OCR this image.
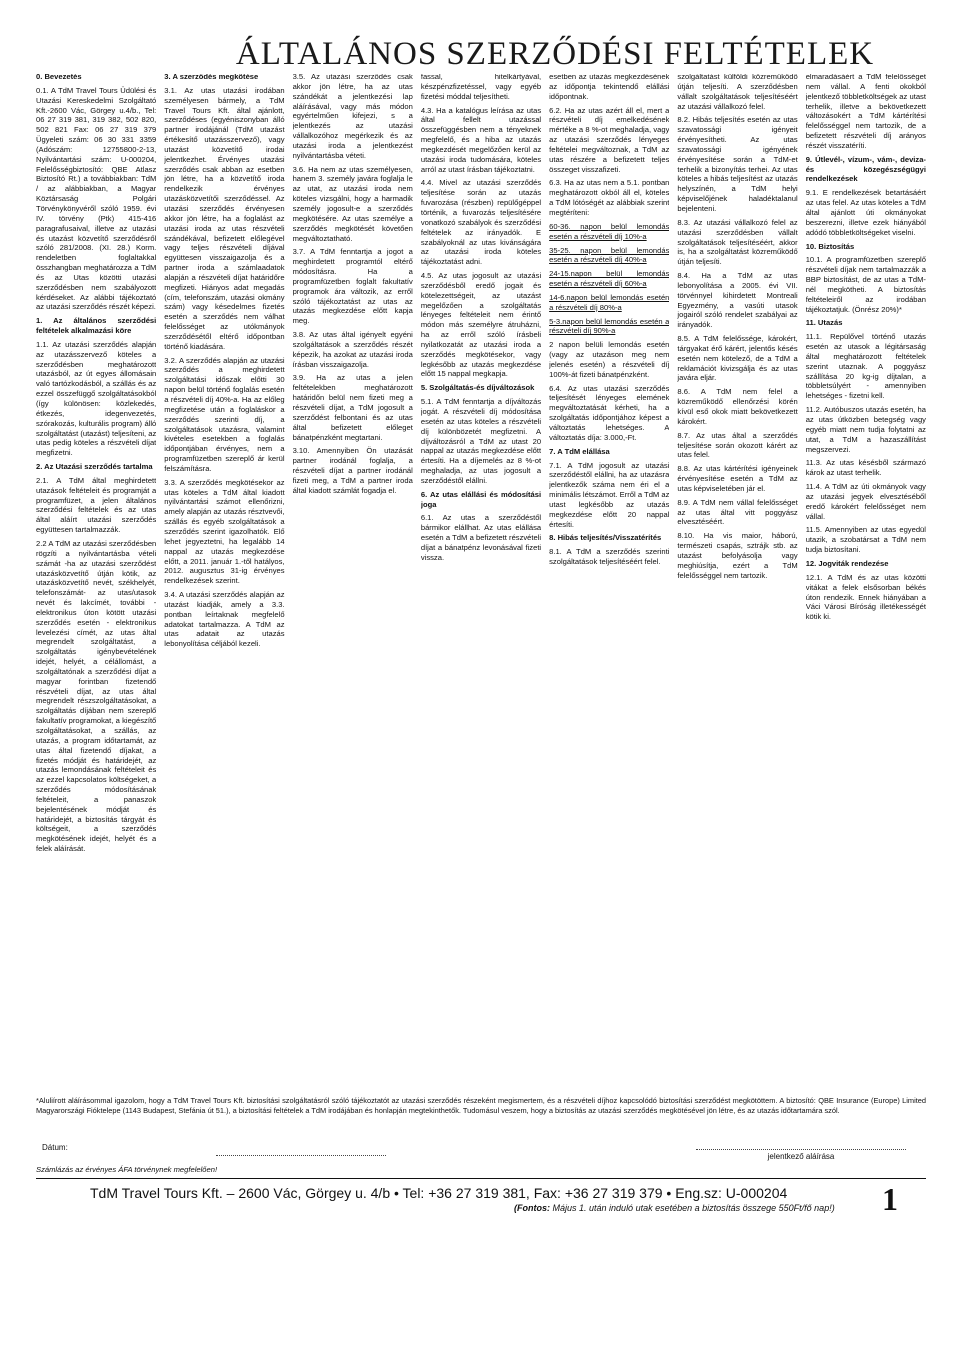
ÁLTALÁNOS SZERZŐDÉSI FELTÉTELEK

0. Bevezetés

0.1. A TdM Travel Tours Üdülési és Utazási Kereskedelmi Szolgáltató Kft.-2600 Vác, Görgey u.4/b., Tel: 06 27 319 381, 319 382, 502 820, 502 821 Fax: 06 27 319 379 Ügyeleti szám: 06 30 331 3359 (Adószám: 12755800-2-13, Nyilvántartási szám: U-000204, Felelősségbiztosító: QBE Atlasz Biztosító Rt.) a továbbiakban: TdM / az alábbiakban, a Magyar Köztársaság Polgári Törvénykönyvéről szóló 1959. évi IV. törvény (Ptk) 415-416 paragrafusaival, illetve az utazási és utazást közvetítő szerződésről szóló 281/2008. (XI. 28.) Korm. rendeletben foglaltakkal összhangban meghatározza a TdM és az Utas közötti utazási szerződésben nem szabályozott kérdéseket. Az alábbi tájékoztató az utazási szerződés részét képezi.

1. Az általános szerződési feltételek alkalmazási köre

1.1. Az utazási szerződés alapján az utazásszervező köteles a szerződésben meghatározott utazásból, az út egyes állomásain való tartózkodásból, a szállás és az ezzel összefüggő szolgáltatásokból (így különösen: közlekedés, étkezés, idegenvezetés, szórakozás, kulturális program) álló szolgáltatást (utazást) teljesíteni, az utas pedig köteles a részvételi díjat megfizetni.

2. Az Utazási szerződés tartalma

2.1. A TdM által meghirdetett utazások feltételeit és programját a programfüzet, a jelen általános szerződési feltételek és az utas által aláírt utazási szerződés együttesen tartalmazzák.

2.2 A TdM az utazási szerződésben rögzíti a nyilvántartásba vételi számát -ha az utazási szerződést utazásközvetítő útján kötik, az utazásközvetítő nevét, székhelyét, telefonszámát- az utas/utasok nevét és lakcímét, további - elektronikus úton kötött utazási szerződés esetén - elektronikus levelezési címét, az utas által megrendelt szolgáltatást, a szolgáltatás igénybevételének idejét, helyét, a célállomást, a szolgáltatónak a szerződési díjat a magyar forintban fizetendő részvételi díjat, az utas által megrendelt részszolgáltatásokat, a szolgáltatás díjában nem szereplő fakultatív programokat, a kiegészítő szolgáltatásokat, a szállás, az utazás, a program időtartamát, az utas által fizetendő díjakat, a fizetés módját és határidejét, az utazás lemondásának feltételeit és az ezzel kapcsolatos költségeket, a szerződés módosításának feltételeit, a panaszok bejelentésének módját és határidejét, a biztosítás tárgyát és költségeit, a szerződés megkötésének idejét, helyét és a felek aláírását.

3. A szerződés megkötése

3.1. Az utas utazási irodában személyesen bármely, a TdM Travel Tours Kft. által ajánlott, szerződéses (egyéniszonyban álló partner irodájánál (TdM utazást értékesítő utazásszervező), vagy utazást közvetítő irodai jelentkezhet. Érvényes utazási szerződés csak abban az esetben jön létre, ha a közvetítő iroda rendelkezik érvényes utazásközvetítői szerződéssel. Az utazási szerződés érvényesen akkor jön létre, ha a foglalást az utazási iroda az utas részvételi szándékával, befizetett előlegével vagy teljes részvételi díjával együttesen visszaigazolja és a partner iroda a számlaadatok alapján a részvételi díjat határidőre megfizeti. Hiányos adat megadás (cím, telefonszám, utazási okmány szám) vagy késedelmes fizetés esetén a szerződés nem válhat felelősséget az utókmányok szerződésétől eltérő időpontban történő kiadására.

3.2. A szerződés alapján az utazási szerződés a meghirdetett szolgáltatási időszak előtti 30 napon belül történő foglalás esetén a részvételi díj 40%-a. Ha az előleg megfizetése után a foglaláskor a szerződés szerinti díj, a szolgáltatások utazásra, valamint kivételes esetekben a foglalás időpontjában érvényes, nem a programfüzetben szereplő ár kerül felszámításra.

3.3. A szerződés megkötésekor az utas köteles a TdM által kiadott nyilvántartási számot ellenőrizni, amely alapján az utazás résztvevői, szállás és egyéb szolgáltatások a szerződés szerint igazolhatók. Elő lehet jegyeztetni, ha legalább 14 nappal az utazás megkezdése előtt, a 2011. január 1.-től hatályos, 2012. augusztus 31-ig érvényes rendelkezések szerint.

3.4. A utazási szerződés alapján az utazást kiadják, amely a 3.3. pontban leírtaknak megfelelő adatokat tartalmazza. A TdM az utas adatait az utazás lebonyolítása céljából kezeli.

3.5. Az utazási szerződés csak akkor jön létre, ha az utas szándékát a jelentkezési lap aláírásával, vagy más módon egyértelműen kifejezi, s a jelentkezés az utazási vállalkozóhoz megérkezik és az utazási iroda a jelentkezést nyilvántartásba véteti.

3.6. Ha nem az utas személyesen, hanem 3. személy javára foglalja le az utat, az utazási iroda nem köteles vizsgálni, hogy a harmadik személy jogosult-e a szerződés megkötésére. Az utas személye a szerződés megkötését követően megváltoztatható.

3.7. A TdM fenntartja a jogot a meghirdetett programtól eltérő módosításra. Ha a programfüzetben foglalt fakultatív programok ára változik, az erről szóló tájékoztatást az utas az utazás megkezdése előtt kapja meg.

3.8. Az utas által igényelt egyéni szolgáltatások a szerződés részét képezik, ha azokat az utazási iroda írásban visszaigazolja.

3.9. Ha az utas a jelen feltételekben meghatározott határidőn belül nem fizeti meg a részvételi díjat, a TdM jogosult a szerződést felbontani és az utas által befizetett előleget bánatpénzként megtartani.

3.10. Amennyiben Ön utazását partner irodánál foglalja, a részvételi díjat a partner irodánál fizeti meg, a TdM a partner iroda által kiadott számlát fogadja el.

fassal, hitelkártyával, készpénzfizetéssel, vagy egyéb fizetési móddal teljesítheti.

4.3. Ha a katalógus leírása az utas által fellelt utazással összefüggésben nem a tényeknek megfelelő, és a hiba az utazás megkezdését megelőzően kerül az utazási iroda tudomására, köteles arról az utast írásban tájékoztatni.

4.4. Mivel az utazási szerződés teljesítése során az utazás fuvarozása (részben) repülőgéppel történik, a fuvarozás teljesítésére vonatkozó szabályok és szerződési feltételek az irányadók. E szabályoknál az utas kivánságára az utazási iroda köteles tájékoztatást adni.

4.5. Az utas jogosult az utazási szerződésből eredő jogait és kötelezettségeit, az utazást megelőzően a szolgáltatás lényeges feltételeit nem érintő módon más személyre átruházni, ha az erről szóló írásbeli nyilatkozatát az utazási iroda a szerződés megkötésekor, vagy legkésőbb az utazás megkezdése előtt 15 nappal megkapja.

5. Szolgáltatás-és díjváltozások

5.1. A TdM fenntartja a díjváltozás jogát. A részvételi díj módosítása esetén az utas köteles a részvételi díj különbözetét megfizetni. A díjváltozásról a TdM az utast 20 nappal az utazás megkezdése előtt értesíti. Ha a díjemelés az 8 %-ot meghaladja, az utas jogosult a szerződéstől elállni.

6. Az utas elállási és módosítási joga

6.1. Az utas a szerződéstől bármikor elállhat. Az utas elállása esetén a TdM a befizetett részvételi díjat a bánatpénz levonásával fizeti vissza.

esetben az utazás megkezdésének az időpontja tekintendő elállási időpontnak.

6.2. Ha az utas azért áll el, mert a részvételi díj emelkedésének mértéke a 8 %-ot meghaladja, vagy az utazási szerződés lényeges feltételei megváltoznak, a TdM az utas részére a befizetett teljes összeget visszafizeti.

6.3. Ha az utas nem a 5.1. pontban meghatározott okból áll el, köteles a TdM lótóségét az alábbiak szerint megtéríteni:

60-36. napon belül lemondás esetén a részvételi díj 10%-a

35-25. napon belül lemondás esetén a részvételi díj 40%-a

24-15.napon belül lemondás esetén a részvételi díj 60%-a

14-6.napon belül lemondás esetén a részvételi díj 80%-a

5-3.napon belül lemondás esetén a részvételi díj 90%-a

2 napon belüli lemondás esetén (vagy az utazáson meg nem jelenés esetén) a részvételi díj 100%-át fizeti bánatpénzként.

6.4. Az utas utazási szerződés teljesítését lényeges elemének megváltoztatását kérheti, ha a szolgáltatás időpontjához képest a változtatás lehetséges. A változtatás díja: 3.000,-Ft.

7. A TdM elállása

7.1. A TdM jogosult az utazási szerződéstől elállni, ha az utazásra jelentkezők száma nem éri el a minimális létszámot. Erről a TdM az utast legkésőbb az utazás megkezdése előtt 20 nappal értesíti.

8. Hibás teljesítés/Visszatérítés

8.1. A TdM a szerződés szerinti szolgáltatások teljesítéséért felel.

szolgáltatást külföldi közreműködő útján teljesíti. A szerződésben vállalt szolgáltatások teljesítéséért az utazási vállalkozó felel.

8.2. Hibás teljesítés esetén az utas szavatossági igényeit érvényesítheti. Az utas szavatossági igényének érvényesítése során a TdM-et terhelik a bizonyítás terhei. Az utas köteles a hibás teljesítést az utazás helyszínén, a TdM helyi képviselőjének haladéktalanul bejelenteni.

8.3. Az utazási vállalkozó felel az utazási szerződésben vállalt szolgáltatások teljesítéséért, akkor is, ha a szolgáltatást közreműködő útján teljesíti.

8.4. Ha a TdM az utas lebonyolítása a 2005. évi VII. törvénnyel kihirdetett Montreali Egyezmény, a vasúti utasok jogairól szóló rendelet szabályai az irányadók.

8.5. A TdM felelőssége, károkért, tárgyakat érő kárért, jelentős késés esetén nem kötelező, de a TdM a reklamációt kivizsgálja és az utas javára eljár.

8.6. A TdM nem felel a közreműködő ellenőrzési körén kívül eső okok miatt bekövetkezett károkért.

8.7. Az utas által a szerződés teljesítése során okozott kárért az utas felel.

8.8. Az utas kártérítési igényeinek érvényesítése esetén a TdM az utas képviseletében jár el.

8.9. A TdM nem vállal felelősséget az utas által vitt poggyász elvesztéséért.

8.10. Ha vis maior, háború, természeti csapás, sztrájk stb. az utazást befolyásolja vagy meghiúsítja, ezért a TdM felelősséggel nem tartozik.

elmaradásáért a TdM felelősséget nem vállal. A fenti okokból jelentkező többletköltségek az utast terhelik, illetve a bekövetkezett változásokért a TdM kártérítési felelősséggel nem tartozik, de a befizetett részvételi díj arányos részét visszatéríti.

9. Útlevél-, vízum-, vám-, deviza- és közegészségügyi rendelkezések

9.1. E rendelkezések betartásáért az utas felel. Az utas köteles a TdM által ajánlott úti okmányokat beszerezni, illetve ezek hiányából adódó többletköltségeket viselni.

10. Biztosítás

10.1. A programfüzetben szereplő részvételi díjak nem tartalmazzák a BBP biztosítást, de az utas a TdM-nél megkötheti. A biztosítás feltételeiről az irodában tájékoztatjuk. (Önrész 20%)*

11. Utazás

11.1. Repülővel történő utazás esetén az utasok a légitársaság által meghatározott feltételek szerint utaznak. A poggyász szállítása 20 kg-ig díjtalan, a többletsúlyért - amennyiben lehetséges - fizetni kell.

11.2. Autóbuszos utazás esetén, ha az utas útközben betegség vagy egyéb miatt nem tudja folytatni az utat, a TdM a hazaszállítást megszervezi.

11.3. Az utas késésből származó károk az utast terhelik.

11.4. A TdM az úti okmányok vagy az utazási jegyek elvesztéséből eredő károkért felelősséget nem vállal.

11.5. Amennyiben az utas egyedül utazik, a szobatársat a TdM nem tudja biztosítani.

12. Jogviták rendezése

12.1. A TdM és az utas közötti vitákat a felek elsősorban békés úton rendezik. Ennek hiányában a Váci Városi Bíróság illetékességét kötik ki.

*Aluliírott aláírásommal igazolom, hogy a TdM Travel Tours Kft. biztosítási szolgáltatásról szóló tájékoztatót az utazási szerződés részeként megismertem, és a részvételi díjhoz kapcsolódó biztosítási szerződést megkötöttem. A biztosító: QBE Insurance (Europe) Limited Magyarországi Fióktelepe (1143 Budapest, Stefánia út 51.), a biztosítási feltételek a TdM irodájában és honlapján megtekinthetők. Tudomásul veszem, hogy a biztosítás az utazási szerződés megkötésével jön létre, és az utazás időtartamára szól.
Dátum:
jelentkező aláírása
Számlázás az érvényes ÁFA törvénynek megfelelően!
TdM Travel Tours Kft. – 2600 Vác, Görgey u. 4/b • Tel: +36 27 319 381, Fax: +36 27 319 379 • Eng.sz: U-000204
(Fontos: Május 1. után induló utak esetében a biztosítás összege 550Ft/fő nap!) 1
